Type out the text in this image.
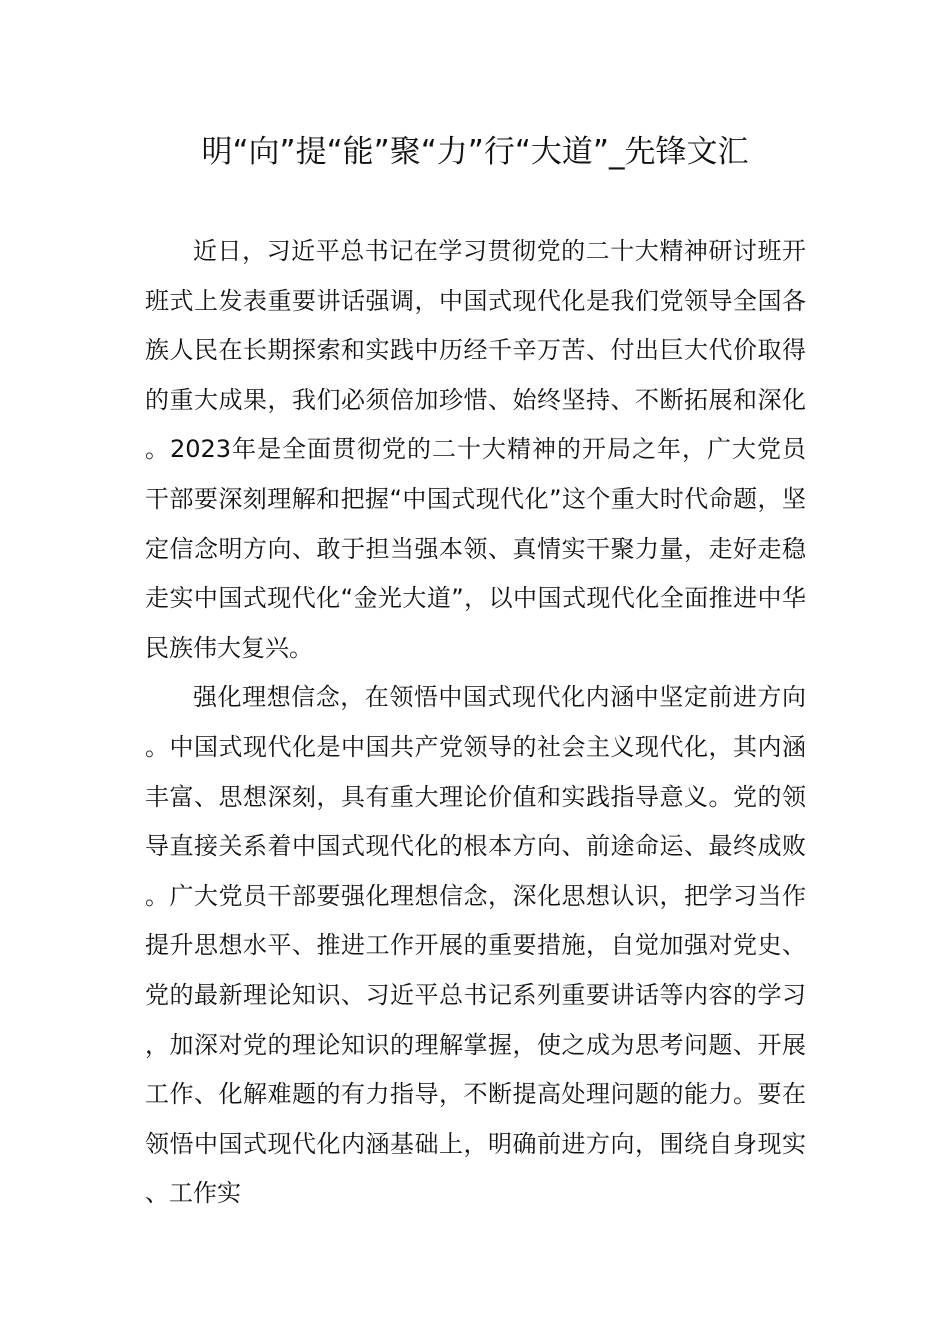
明“向”提“能”聚“力”行“大道”_先锋文汇

近日，习近平总书记在学习贯彻党的二十大精神研讨班开班式上发表重要讲话强调，中国式现代化是我们党领导全国各族人民在长期探索和实践中历经千辛万苦、付出巨大代价取得的重大成果，我们必须倍加珍惜、始终坚持、不断拓展和深化。2023年是全面贯彻党的二十大精神的开局之年，广大党员干部要深刻理解和把握“中国式现代化”这个重大时代命题，坚定信念明方向、敢于担当强本领、真情实干聚力量，走好走稳走实中国式现代化“金光大道”，以中国式现代化全面推进中华民族伟大复兴。

强化理想信念，在领悟中国式现代化内涵中坚定前进方向。中国式现代化是中国共产党领导的社会主义现代化，其内涵丰富、思想深刻，具有重大理论价值和实践指导意义。党的领导直接关系着中国式现代化的根本方向、前途命运、最终成败。广大党员干部要强化理想信念，深化思想认识，把学习当作提升思想水平、推进工作开展的重要措施，自觉加强对党史、党的最新理论知识、习近平总书记系列重要讲话等内容的学习，加深对党的理论知识的理解掌握，使之成为思考问题、开展工作、化解难题的有力指导，不断提高处理问题的能力。要在领悟中国式现代化内涵基础上，明确前进方向，围绕自身现实、工作实
